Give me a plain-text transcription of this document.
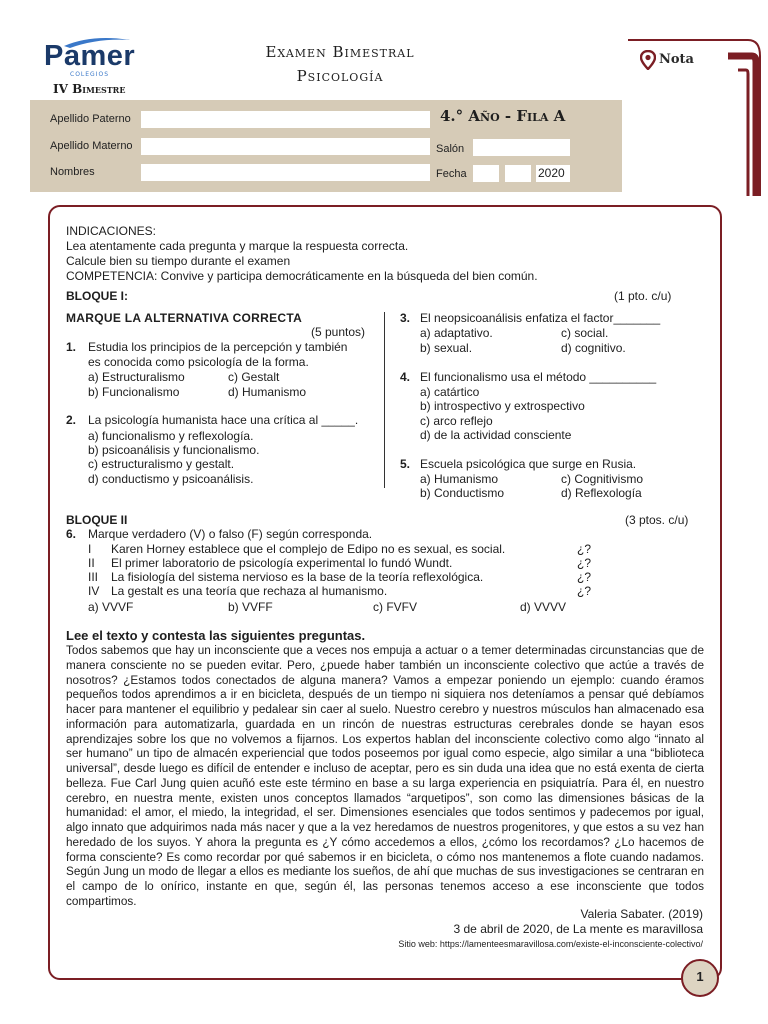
Pamer
COLEGIOS
IV Bimestre
Examen Bimestral
Psicología
Nota
Apellido Paterno	4.° Año - Fila A
Apellido Materno	Salón
Nombres	Fecha	2020
INDICACIONES:
Lea atentamente cada pregunta y marque la respuesta correcta.
Calcule bien su tiempo durante el examen
COMPETENCIA: Convive y participa democráticamente en la búsqueda del bien común.
BLOQUE I:	(1 pto. c/u)
MARQUE LA ALTERNATIVA CORRECTA
(5 puntos)
1. Estudia los principios de la percepción y también
es conocida como psicología de la forma.
a) Estructuralismo	c) Gestalt
b) Funcionalismo	d) Humanismo
2. La psicología humanista hace una crítica al _____.
a) funcionalismo y reflexología.
b) psicoanálisis y funcionalismo.
c) estructuralismo y gestalt.
d) conductismo y psicoanálisis.
3. El neopsicoanálisis enfatiza el factor_______
a) adaptativo.	c) social.
b) sexual.	d) cognitivo.
4. El funcionalismo usa el método __________
a) catártico
b) introspectivo y extrospectivo
c) arco reflejo
d) de la actividad consciente
5. Escuela psicológica que surge en Rusia.
a) Humanismo	c) Cognitivismo
b) Conductismo	d) Reflexología
BLOQUE II	(3 ptos. c/u)
6. Marque verdadero (V) o falso (F) según corresponda.
I Karen Horney establece que el complejo de Edipo no es sexual, es social.	¿?
II El primer laboratorio de psicología experimental lo fundó Wundt.	¿?
III La fisiología del sistema nervioso es la base de la teoría reflexológica.	¿?
IV La gestalt es una teoría que rechaza al humanismo.	¿?
a) VVVF	b) VVFF	c) FVFV	d) VVVV
Lee el texto y contesta las siguientes preguntas.
Todos sabemos que hay un inconsciente que a veces nos empuja a actuar o a temer determinadas circunstancias que de manera consciente no se pueden evitar. Pero, ¿puede haber también un inconsciente colectivo que actúe a través de nosotros? ¿Estamos todos conectados de alguna manera? Vamos a empezar poniendo un ejemplo: cuando éramos pequeños todos aprendimos a ir en bicicleta, después de un tiempo ni siquiera nos deteníamos a pensar qué debíamos hacer para mantener el equilibrio y pedalear sin caer al suelo. Nuestro cerebro y nuestros músculos han almacenado esa información para automatizarla, guardada en un rincón de nuestras estructuras cerebrales donde se hayan esos aprendizajes sobre los que no volvemos a fijarnos. Los expertos hablan del inconsciente colectivo como algo “innato al ser humano” un tipo de almacén experiencial que todos poseemos por igual como especie, algo similar a una “biblioteca universal”, desde luego es difícil de entender e incluso de aceptar, pero es sin duda una idea que no está exenta de cierta belleza. Fue Carl Jung quien acuñó este este término en base a su larga experiencia en psiquiatría. Para él, en nuestro cerebro, en nuestra mente, existen unos conceptos llamados “arquetipos”, son como las dimensiones básicas de la humanidad: el amor, el miedo, la integridad, el ser. Dimensiones esenciales que todos sentimos y padecemos por igual, algo innato que adquirimos nada más nacer y que a la vez heredamos de nuestros progenitores, y que estos a su vez han heredado de los suyos. Y ahora la pregunta es ¿Y cómo accedemos a ellos, ¿cómo los recordamos? ¿Lo hacemos de forma consciente? Es como recordar por qué sabemos ir en bicicleta, o cómo nos mantenemos a flote cuando nadamos. Según Jung un modo de llegar a ellos es mediante los sueños, de ahí que muchas de sus investigaciones se centraran en el campo de lo onírico, instante en que, según él, las personas tenemos acceso a ese inconsciente que todos compartimos.
Valeria Sabater. (2019)
3 de abril de 2020, de La mente es maravillosa
Sitio web: https://lamenteesmaravillosa.com/existe-el-inconsciente-colectivo/
1
